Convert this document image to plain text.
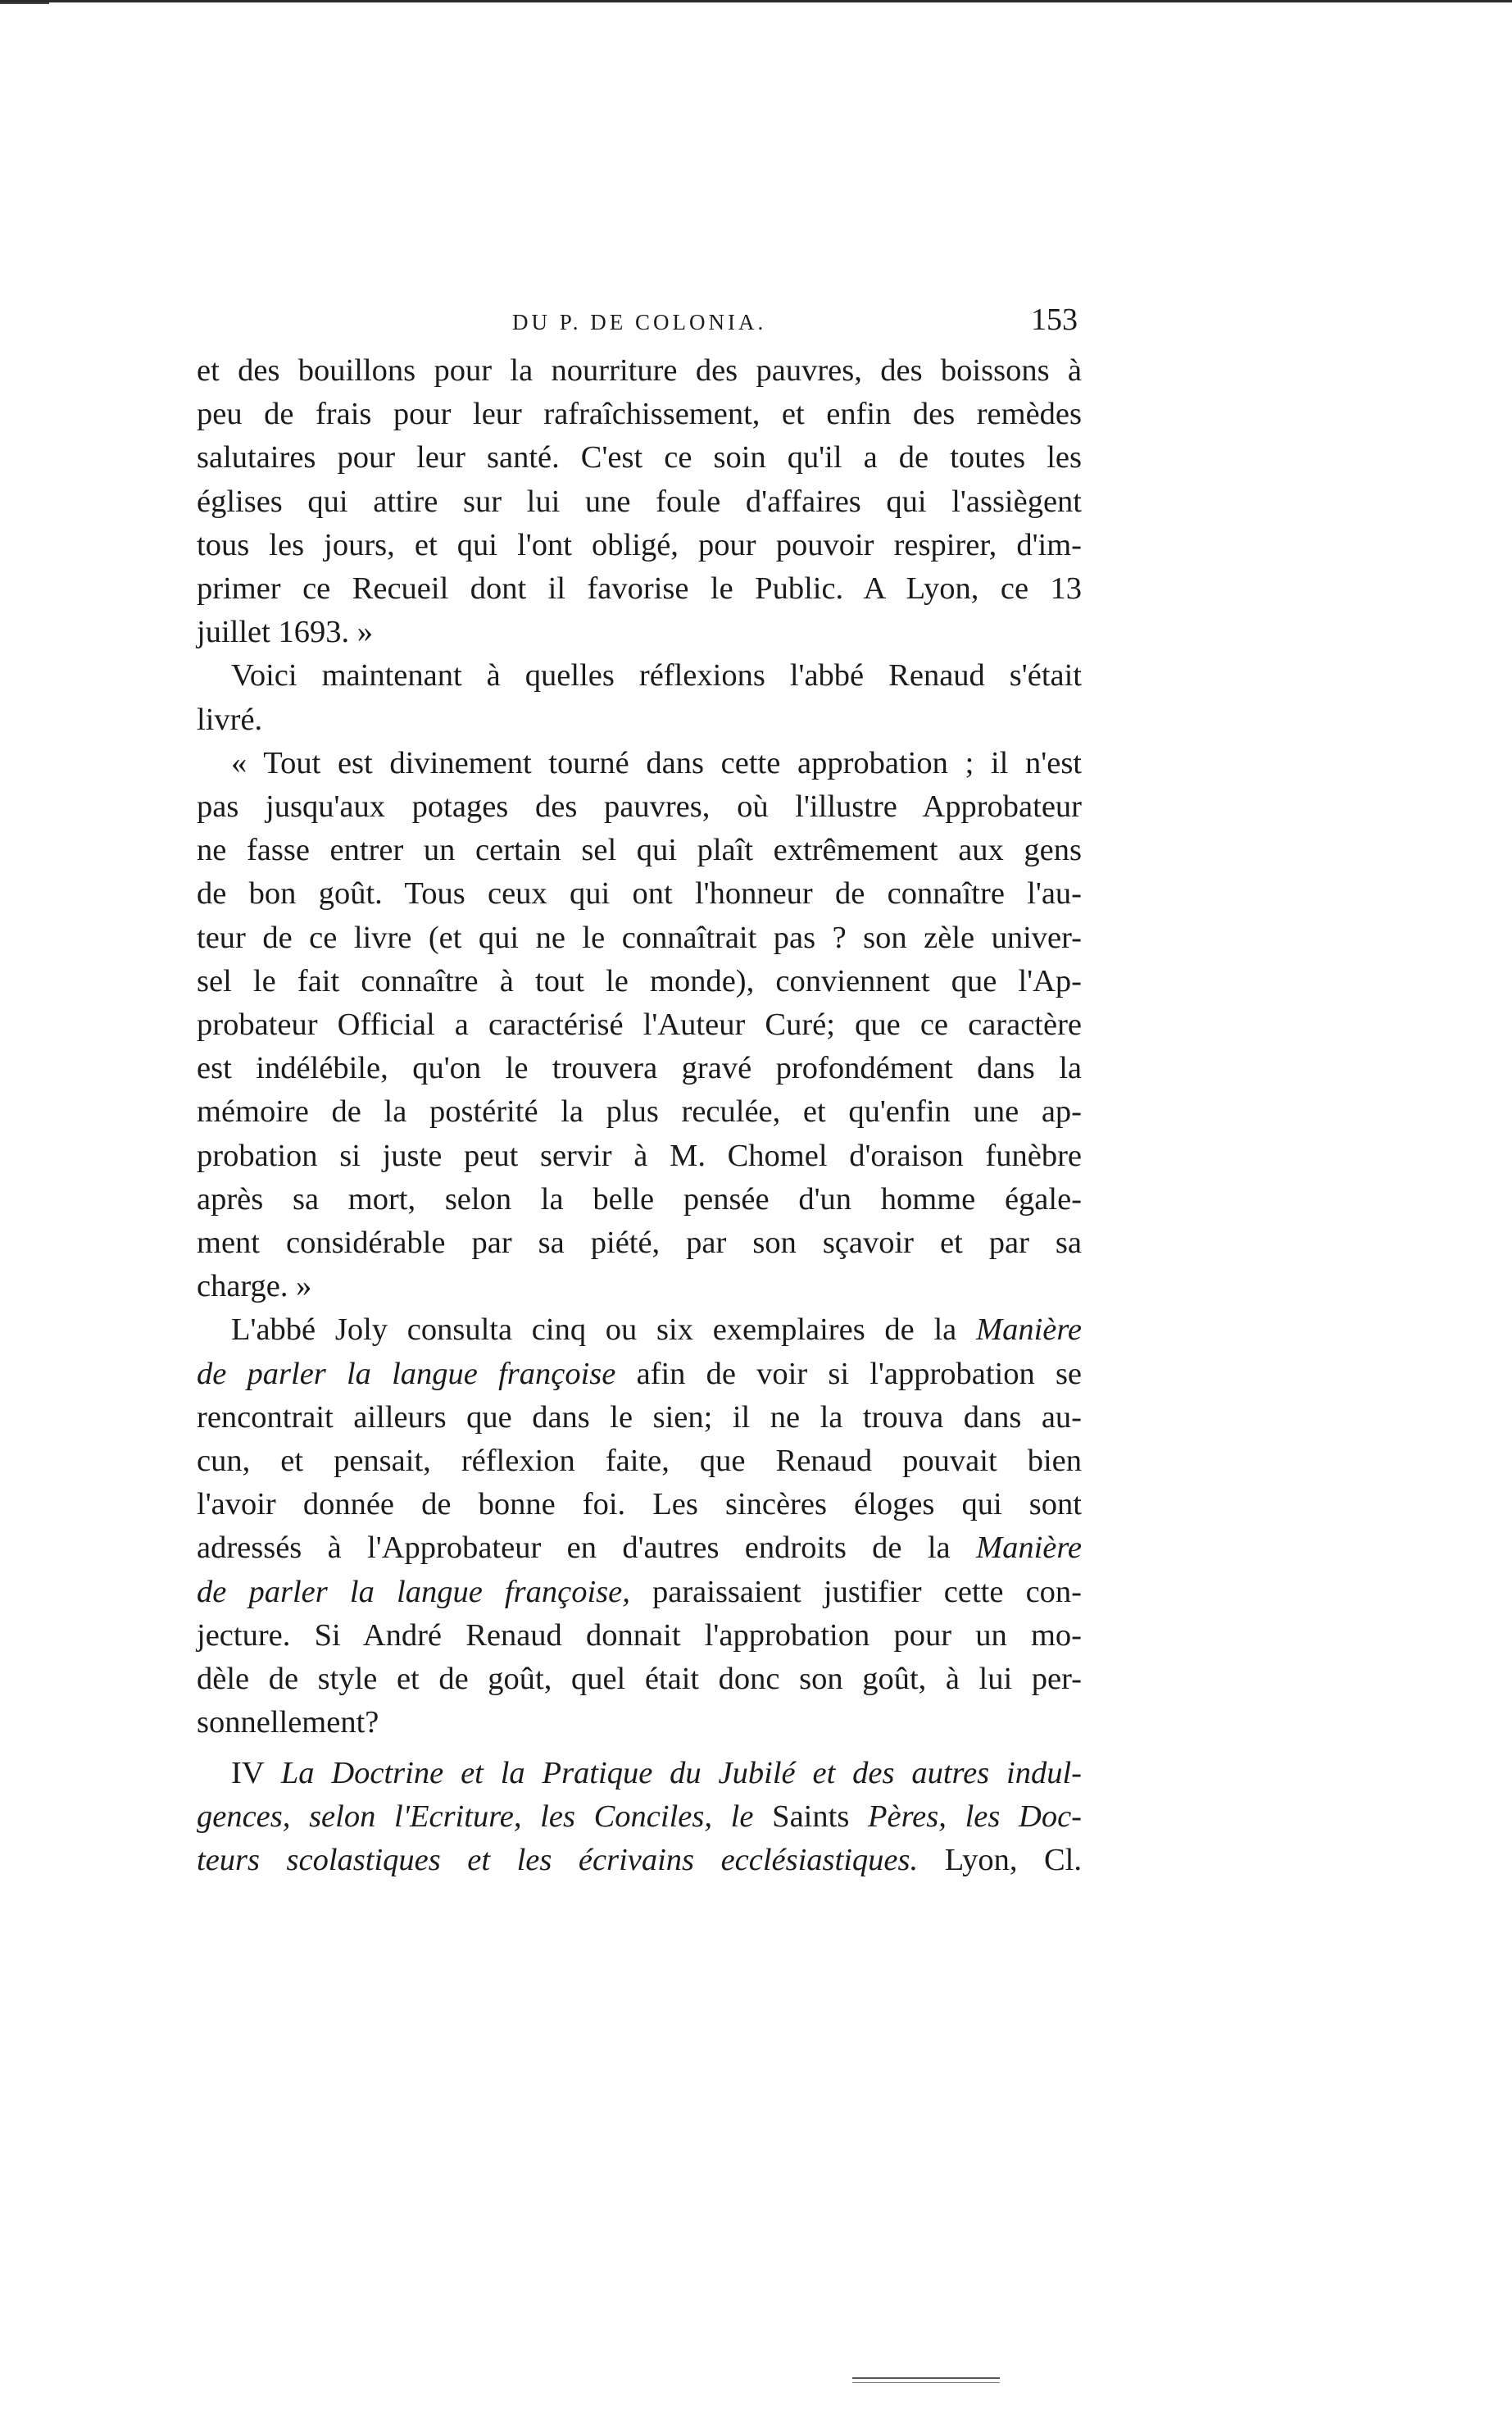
DU P. DE COLONIA.	153

et des bouillons pour la nourriture des pauvres, des boissons à

peu de frais pour leur rafraîchissement, et enfin des remèdes

salutaires pour leur santé. C'est ce soin qu'il a de toutes les

églises qui attire sur lui une foule d'affaires qui l'assiègent

tous les jours, et qui l'ont obligé, pour pouvoir respirer, d'im-

primer ce Recueil dont il favorise le Public. A Lyon, ce 13

juillet 1693. »

Voici maintenant à quelles réflexions l'abbé Renaud s'était

livré.

« Tout est divinement tourné dans cette approbation ; il n'est

pas jusqu'aux potages des pauvres, où l'illustre Approbateur

ne fasse entrer un certain sel qui plaît extrêmement aux gens

de bon goût. Tous ceux qui ont l'honneur de connaître l'au-

teur de ce livre (et qui ne le connaîtrait pas ? son zèle univer-

sel le fait connaître à tout le monde), conviennent que l'Ap-

probateur Official a caractérisé l'Auteur Curé; que ce caractère

est indélébile, qu'on le trouvera gravé profondément dans la

mémoire de la postérité la plus reculée, et qu'enfin une ap-

probation si juste peut servir à M. Chomel d'oraison funèbre

après sa mort, selon la belle pensée d'un homme égale-

ment considérable par sa piété, par son sçavoir et par sa

charge. »

L'abbé Joly consulta cinq ou six exemplaires de la Manière

de parler la langue françoise afin de voir si l'approbation se

rencontrait ailleurs que dans le sien; il ne la trouva dans au-

cun, et pensait, réflexion faite, que Renaud pouvait bien

l'avoir donnée de bonne foi. Les sincères éloges qui sont

adressés à l'Approbateur en d'autres endroits de la Manière

de parler la langue françoise, paraissaient justifier cette con-

jecture. Si André Renaud donnait l'approbation pour un mo-

dèle de style et de goût, quel était donc son goût, à lui per-

sonnellement?

IV La Doctrine et la Pratique du Jubilé et des autres indul-

gences, selon l'Ecriture, les Conciles, le Saints Pères, les Doc-

teurs scolastiques et les écrivains ecclésiastiques. Lyon, Cl.
